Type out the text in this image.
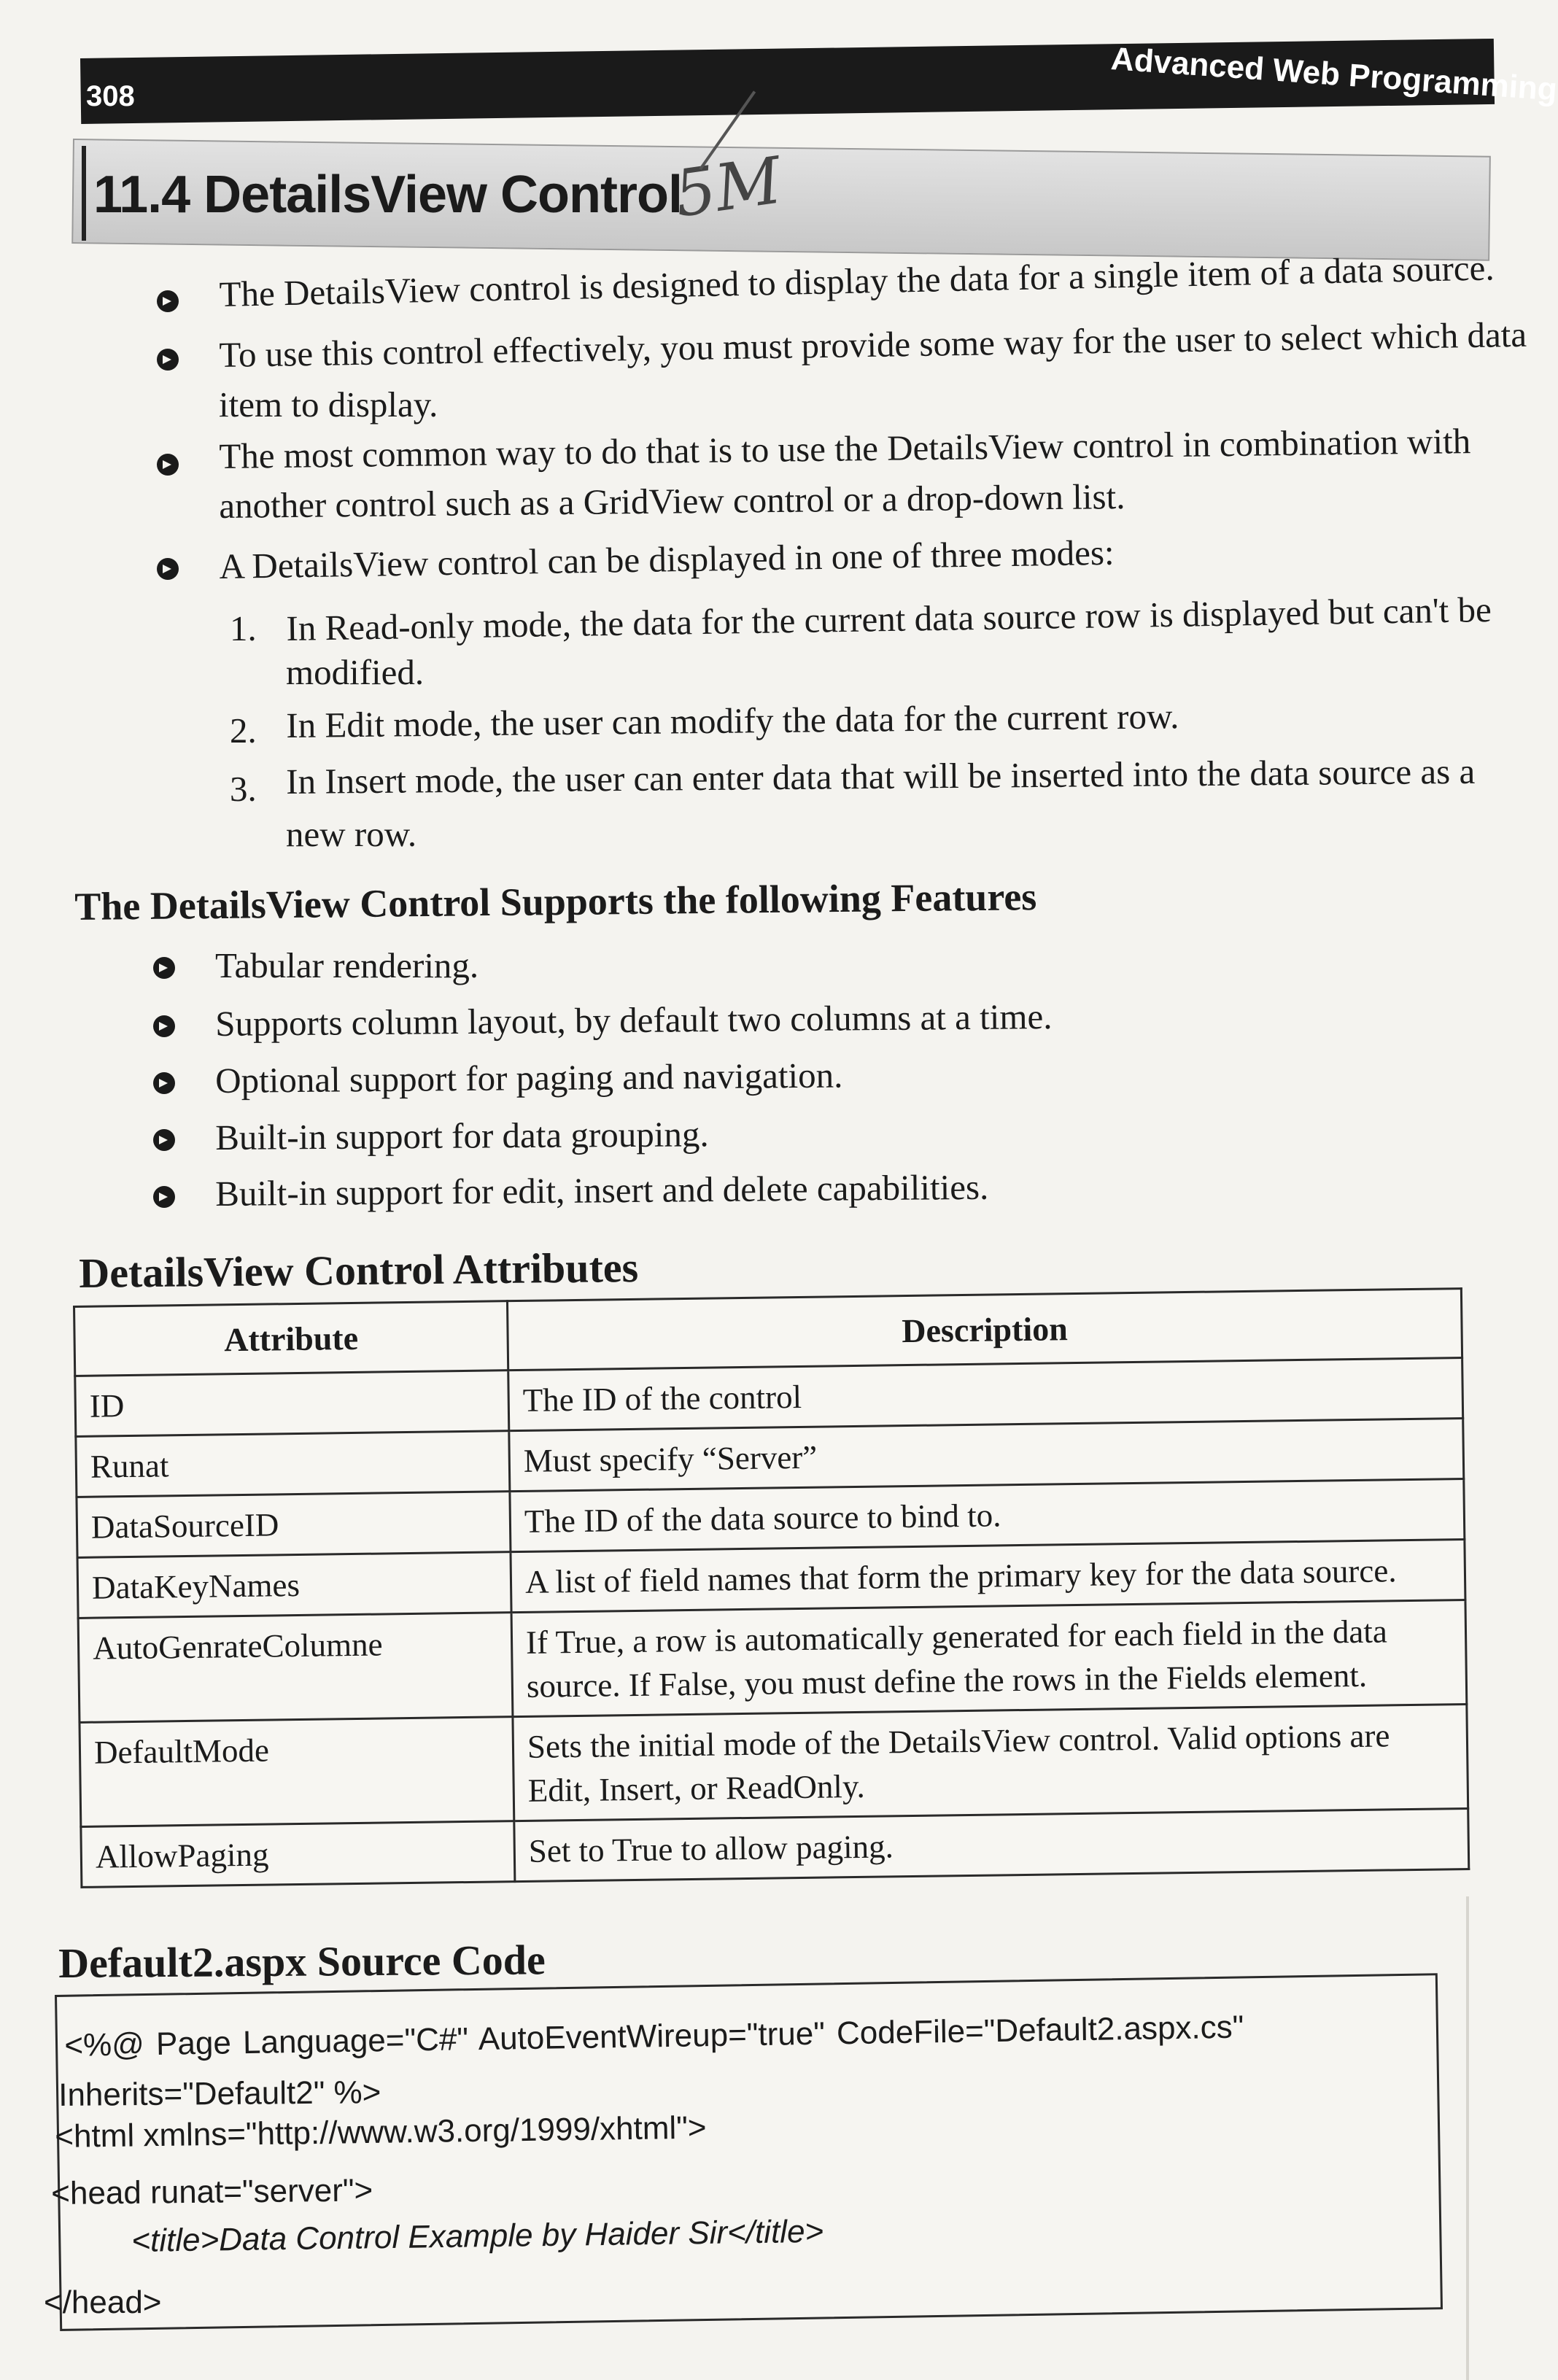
308	Advanced Web Programming
11.4 DetailsView Control
5M
The DetailsView control is designed to display the data for a single item of a data source.
To use this control effectively, you must provide some way for the user to select which data
item to display.
The most common way to do that is to use the DetailsView control in combination with
another control such as a GridView control or a drop-down list.
A DetailsView control can be displayed in one of three modes:
1. In Read-only mode, the data for the current data source row is displayed but can't be
modified.
2. In Edit mode, the user can modify the data for the current row.
3. In Insert mode, the user can enter data that will be inserted into the data source as a
new row.
The DetailsView Control Supports the following Features
Tabular rendering.
Supports column layout, by default two columns at a time.
Optional support for paging and navigation.
Built-in support for data grouping.
Built-in support for edit, insert and delete capabilities.
DetailsView Control Attributes
Attribute	Description
ID	The ID of the control
Runat	Must specify “Server”
DataSourceID	The ID of the data source to bind to.
DataKeyNames	A list of field names that form the primary key for the data source.
AutoGenrateColumne	If True, a row is automatically generated for each field in the data source. If False, you must define the rows in the Fields element.
DefaultMode	Sets the initial mode of the DetailsView control. Valid options are Edit, Insert, or ReadOnly.
AllowPaging	Set to True to allow paging.
Default2.aspx Source Code
<%@ Page Language="C#" AutoEventWireup="true" CodeFile="Default2.aspx.cs"
Inherits="Default2" %>
<html xmlns="http://www.w3.org/1999/xhtml">
<head runat="server">
<title>Data Control Example by Haider Sir</title>
</head>
